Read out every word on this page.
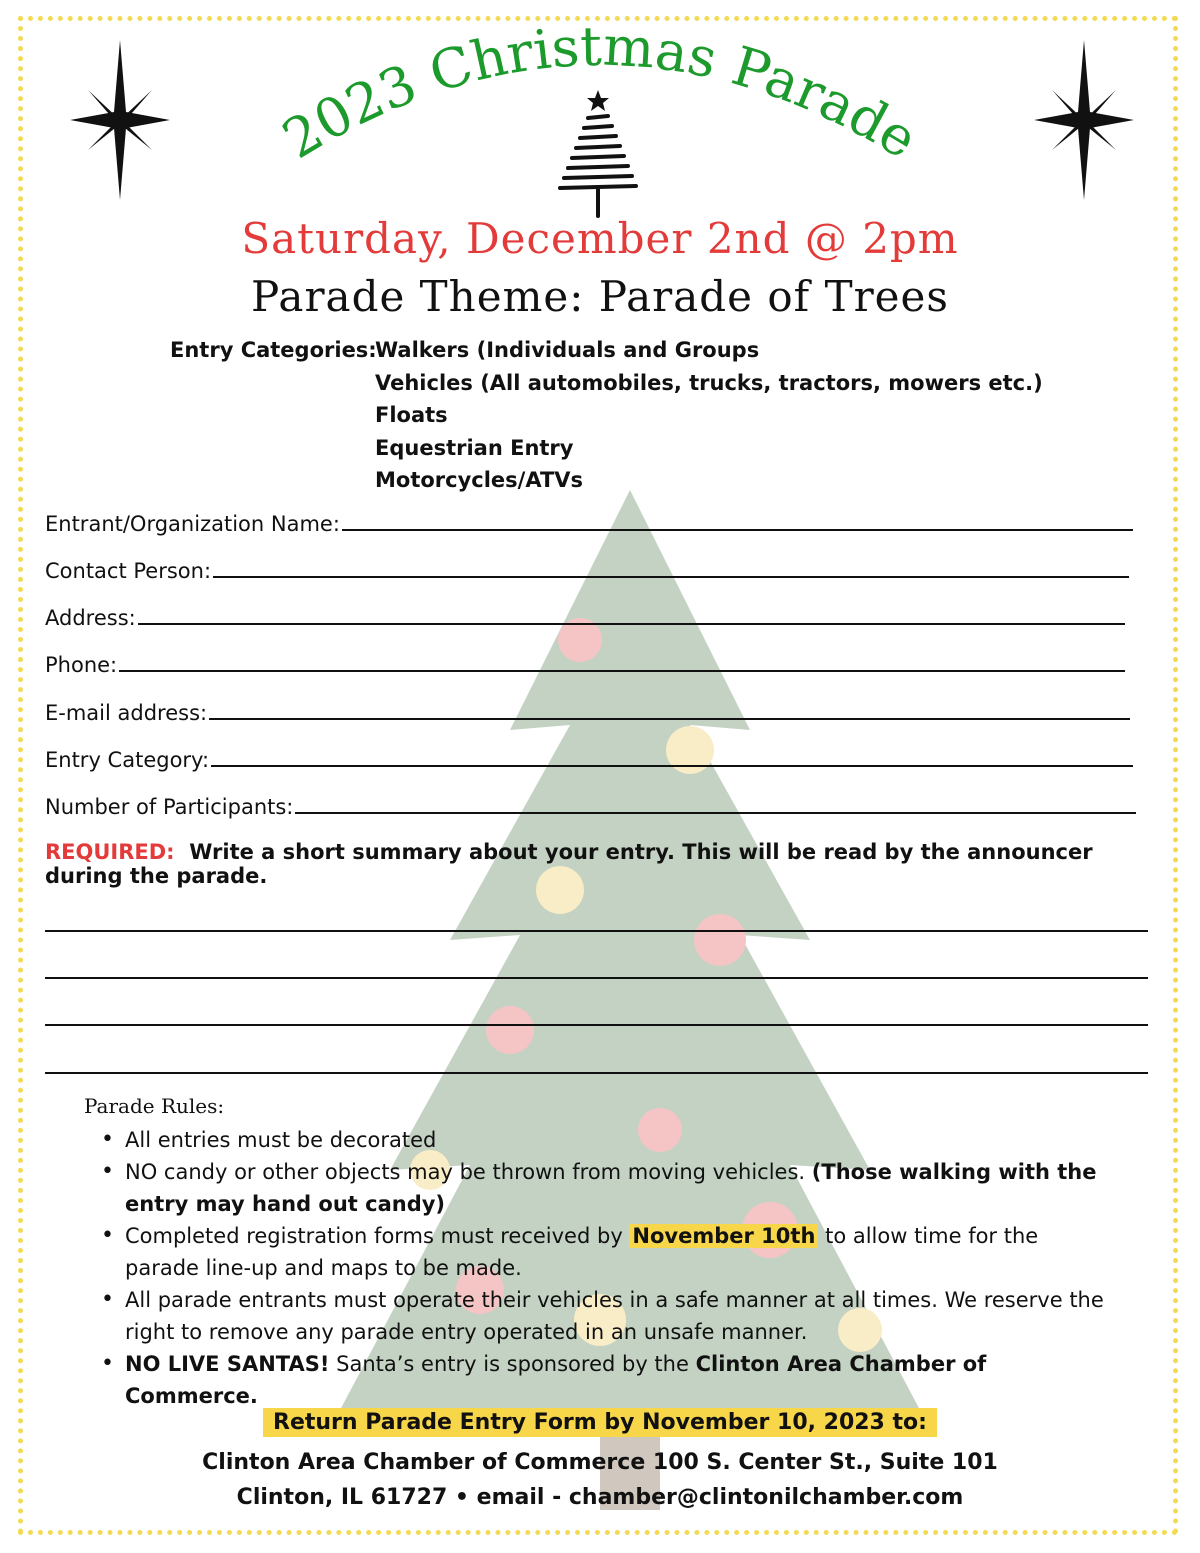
2023 Christmas Parade
Saturday, December 2nd @ 2pm
Parade Theme: Parade of Trees
Entry Categories:
Walkers (Individuals and Groups
Vehicles (All automobiles, trucks, tractors, mowers etc.)
Floats
Equestrian Entry
Motorcycles/ATVs
Entrant/Organization Name:
Contact Person:
Address:
Phone:
E-mail address:
Entry Category:
Number of Participants:
REQUIRED: Write a short summary about your entry. This will be read by the announcer during the parade.
Parade Rules:
• All entries must be decorated
• NO candy or other objects may be thrown from moving vehicles. (Those walking with the entry may hand out candy)
• Completed registration forms must received by November 10th to allow time for the parade line-up and maps to be made.
• All parade entrants must operate their vehicles in a safe manner at all times. We reserve the right to remove any parade entry operated in an unsafe manner.
• NO LIVE SANTAS! Santa’s entry is sponsored by the Clinton Area Chamber of Commerce.
Return Parade Entry Form by November 10, 2023 to:
Clinton Area Chamber of Commerce 100 S. Center St., Suite 101
Clinton, IL 61727 • email - chamber@clintonilchamber.com
